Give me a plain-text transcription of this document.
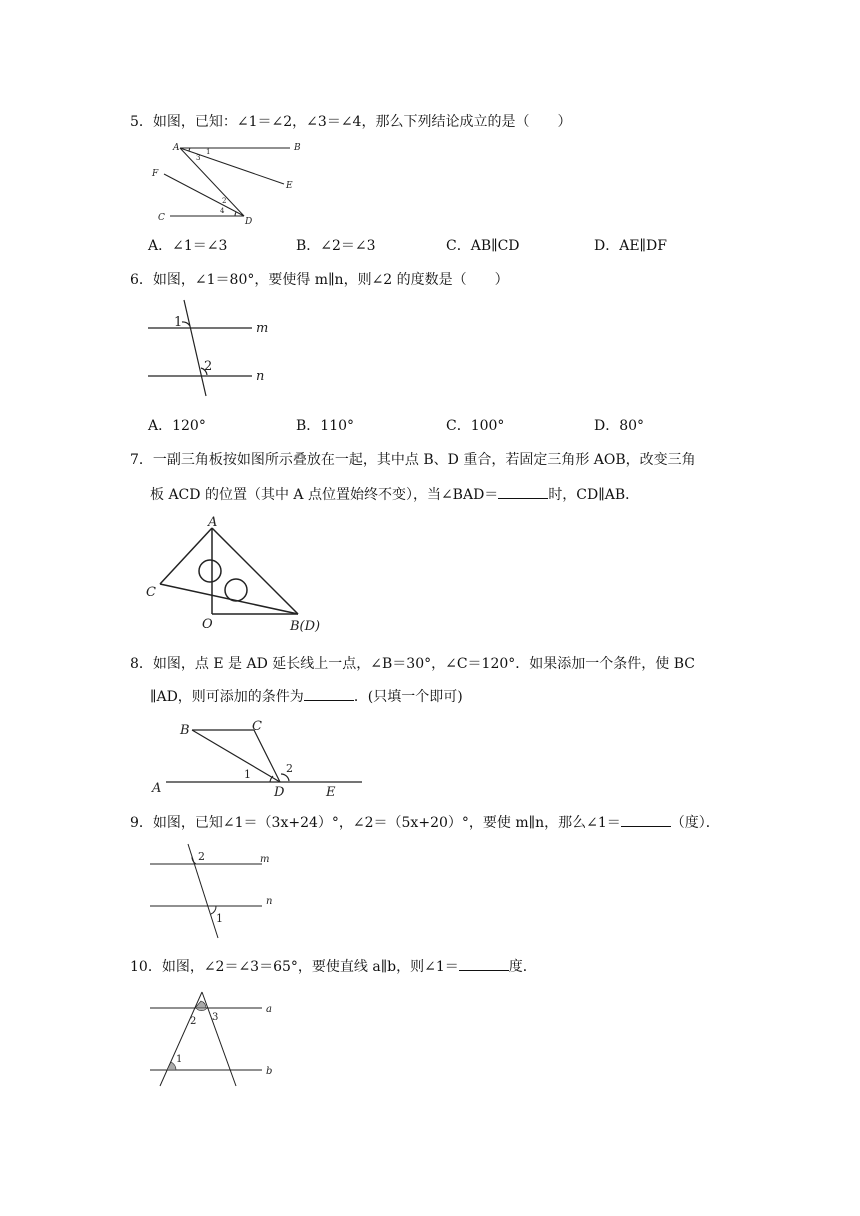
5．如图，已知：∠1＝∠2，∠3＝∠4，那么下列结论成立的是（　　）
A	B
E
F
C	D
1
3
2
4
A．∠1＝∠3	B．∠2＝∠3	C．AB∥CD	D．AE∥DF
6．如图，∠1＝80°，要使得 m∥n，则∠2 的度数是（　　）
1
2
m
n
A．120°	B．110°	C．100°	D．80°
7．一副三角板按如图所示叠放在一起，其中点 B、D 重合，若固定三角形 AOB，改变三角
板 ACD 的位置（其中 A 点位置始终不变），当∠BAD＝	时，CD∥AB．
A
C
O	B(D)
8．如图，点 E 是 AD 延长线上一点，∠B＝30°，∠C＝120°．如果添加一个条件，使 BC
∥AD，则可添加的条件为	．(只填一个即可)
B	C
A	D	E
1	2
9．如图，已知∠1＝（3x+24）°，∠2＝（5x+20）°，要使 m∥n，那么∠1＝	（度）．
2
1
m
n
10．如图，∠2＝∠3＝65°，要使直线 a∥b，则∠1＝	度．
2 3
1
a
b
